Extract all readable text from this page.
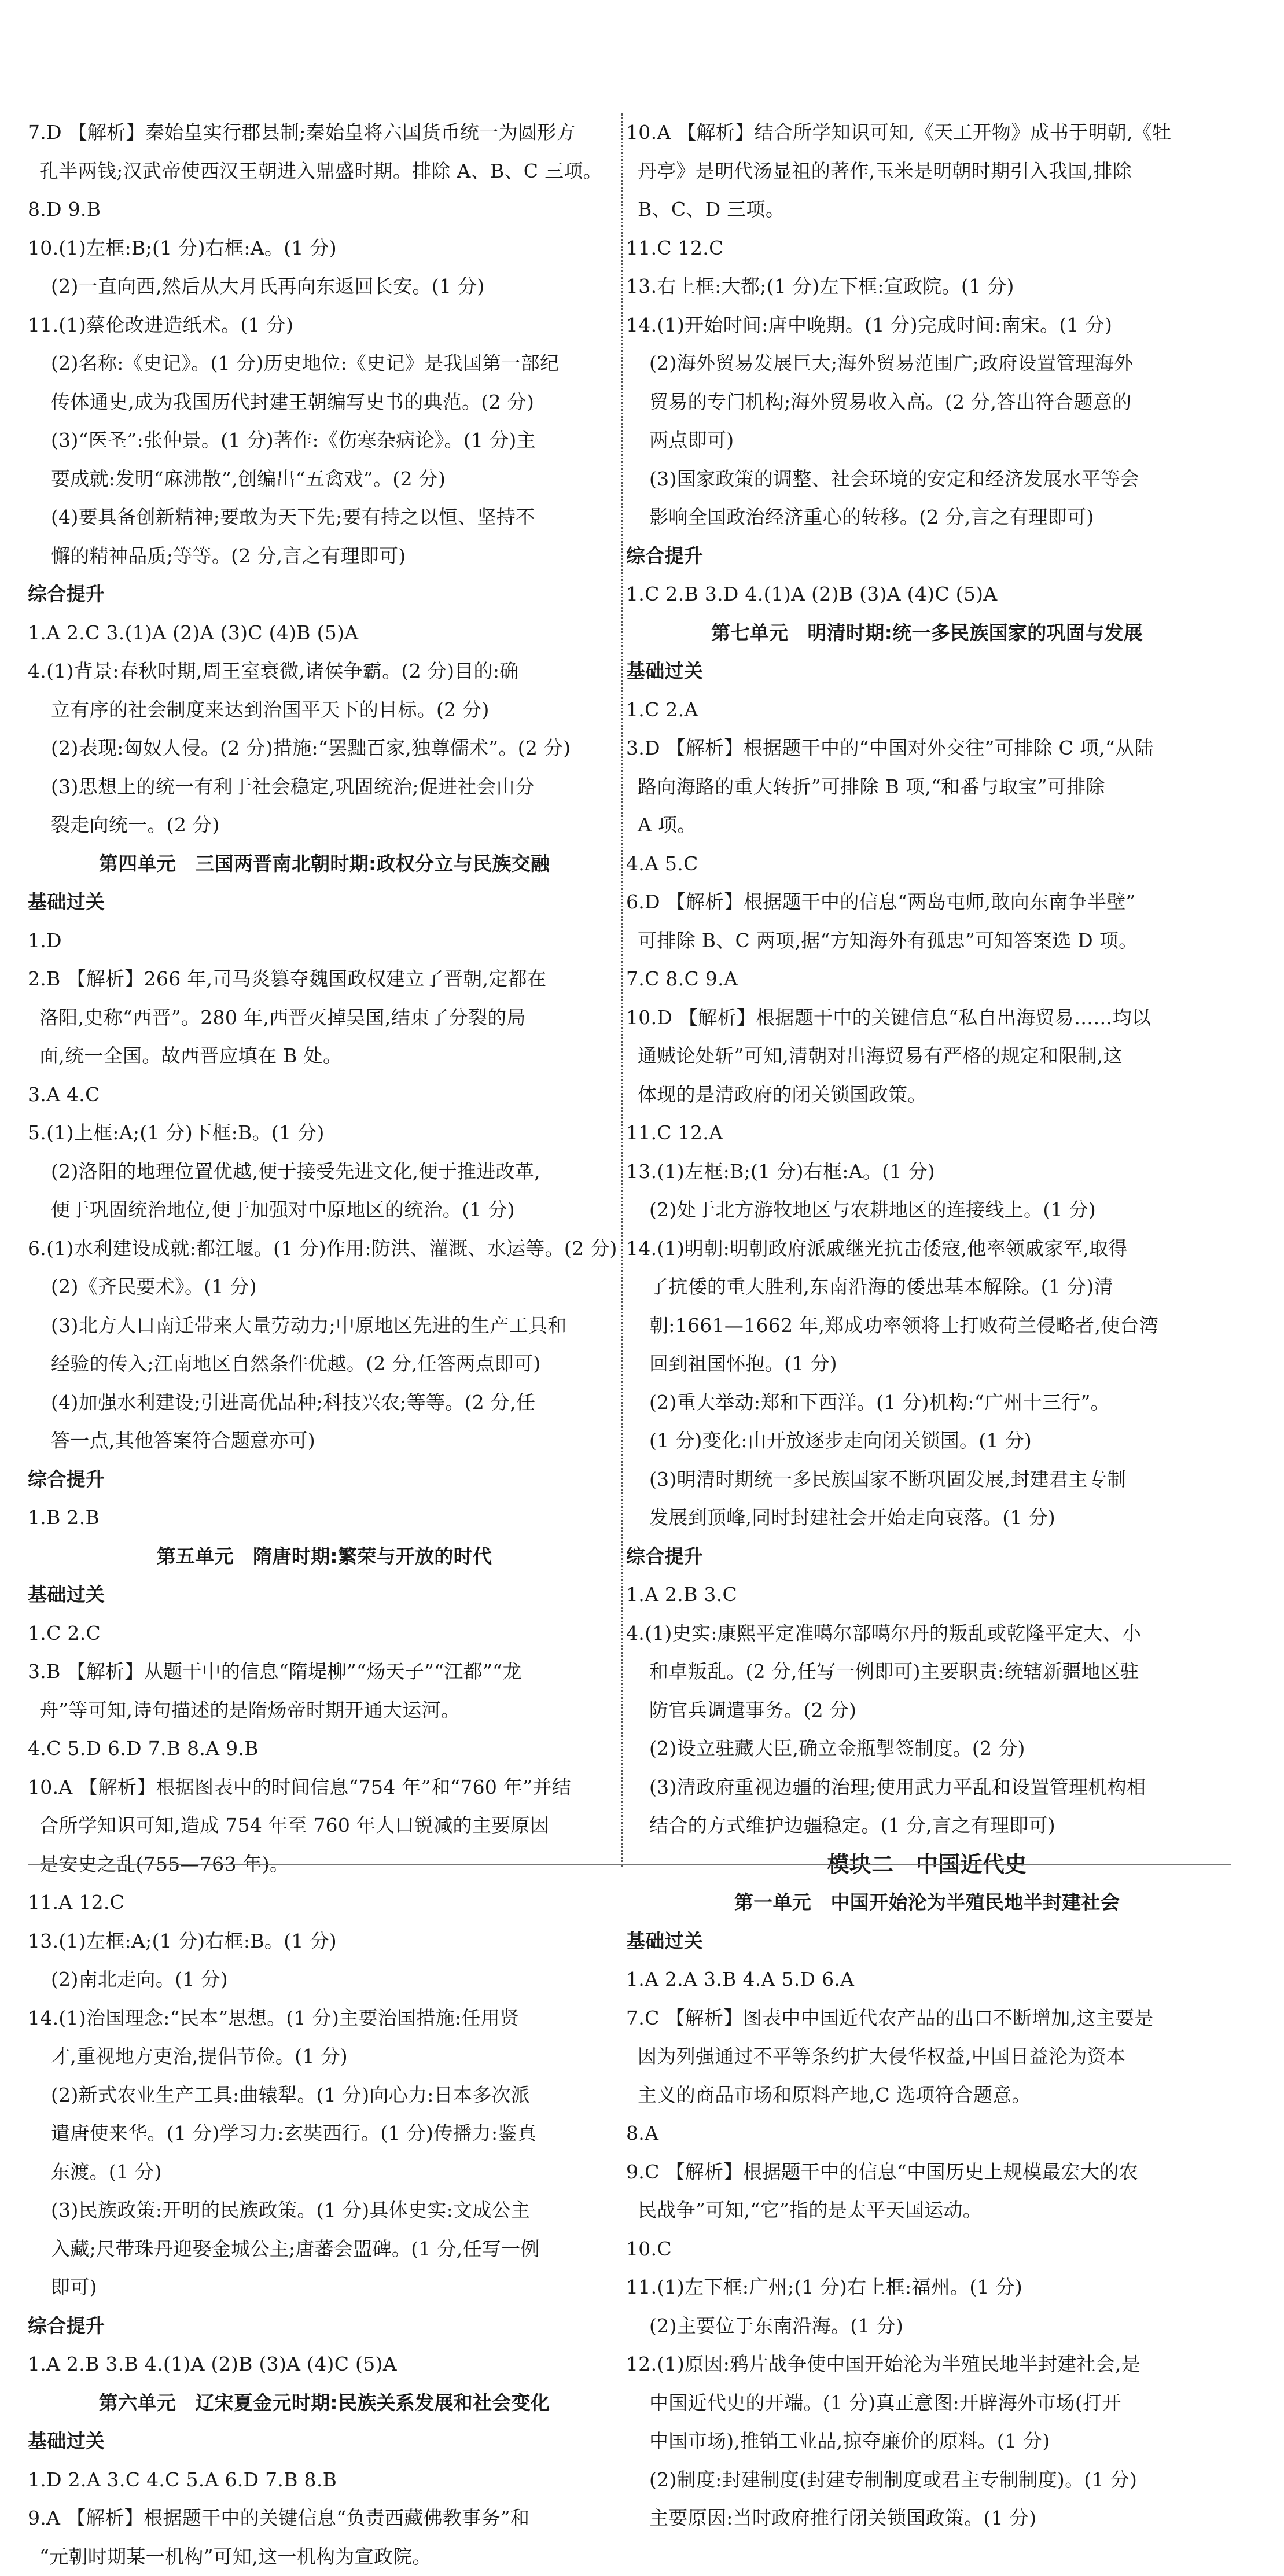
7.D 【解析】秦始皇实行郡县制;秦始皇将六国货币统一为圆形方
孔半两钱;汉武帝使西汉王朝进入鼎盛时期。排除 A、B、C 三项。
8.D 9.B
10.(1)左框:B;(1 分)右框:A。(1 分)
(2)一直向西,然后从大月氏再向东返回长安。(1 分)
11.(1)蔡伦改进造纸术。(1 分)
(2)名称:《史记》。(1 分)历史地位:《史记》是我国第一部纪
传体通史,成为我国历代封建王朝编写史书的典范。(2 分)
(3)“医圣”:张仲景。(1 分)著作:《伤寒杂病论》。(1 分)主
要成就:发明“麻沸散”,创编出“五禽戏”。(2 分)
(4)要具备创新精神;要敢为天下先;要有持之以恒、坚持不
懈的精神品质;等等。(2 分,言之有理即可)
综合提升
1.A 2.C 3.(1)A (2)A (3)C (4)B (5)A
4.(1)背景:春秋时期,周王室衰微,诸侯争霸。(2 分)目的:确
立有序的社会制度来达到治国平天下的目标。(2 分)
(2)表现:匈奴人侵。(2 分)措施:“罢黜百家,独尊儒术”。(2 分)
(3)思想上的统一有利于社会稳定,巩固统治;促进社会由分
裂走向统一。(2 分)
第四单元　三国两晋南北朝时期:政权分立与民族交融
基础过关
1.D
2.B 【解析】266 年,司马炎篡夺魏国政权建立了晋朝,定都在
洛阳,史称“西晋”。280 年,西晋灭掉吴国,结束了分裂的局
面,统一全国。故西晋应填在 B 处。
3.A 4.C
5.(1)上框:A;(1 分)下框:B。(1 分)
(2)洛阳的地理位置优越,便于接受先进文化,便于推进改革,
便于巩固统治地位,便于加强对中原地区的统治。(1 分)
6.(1)水利建设成就:都江堰。(1 分)作用:防洪、灌溉、水运等。(2 分)
(2)《齐民要术》。(1 分)
(3)北方人口南迁带来大量劳动力;中原地区先进的生产工具和
经验的传入;江南地区自然条件优越。(2 分,任答两点即可)
(4)加强水利建设;引进高优品种;科技兴农;等等。(2 分,任
答一点,其他答案符合题意亦可)
综合提升
1.B 2.B
第五单元　隋唐时期:繁荣与开放的时代
基础过关
1.C 2.C
3.B 【解析】从题干中的信息“隋堤柳”“炀天子”“江都”“龙
舟”等可知,诗句描述的是隋炀帝时期开通大运河。
4.C 5.D 6.D 7.B 8.A 9.B
10.A 【解析】根据图表中的时间信息“754 年”和“760 年”并结
合所学知识可知,造成 754 年至 760 年人口锐减的主要原因
是安史之乱(755—763 年)。
11.A 12.C
13.(1)左框:A;(1 分)右框:B。(1 分)
(2)南北走向。(1 分)
14.(1)治国理念:“民本”思想。(1 分)主要治国措施:任用贤
才,重视地方吏治,提倡节俭。(1 分)
(2)新式农业生产工具:曲辕犁。(1 分)向心力:日本多次派
遣唐使来华。(1 分)学习力:玄奘西行。(1 分)传播力:鉴真
东渡。(1 分)
(3)民族政策:开明的民族政策。(1 分)具体史实:文成公主
入藏;尺带珠丹迎娶金城公主;唐蕃会盟碑。(1 分,任写一例
即可)
综合提升
1.A 2.B 3.B 4.(1)A (2)B (3)A (4)C (5)A
第六单元　辽宋夏金元时期:民族关系发展和社会变化
基础过关
1.D 2.A 3.C 4.C 5.A 6.D 7.B 8.B
9.A 【解析】根据题干中的关键信息“负责西藏佛教事务”和
“元朝时期某一机构”可知,这一机构为宣政院。
10.A 【解析】结合所学知识可知,《天工开物》成书于明朝,《牡
丹亭》是明代汤显祖的著作,玉米是明朝时期引入我国,排除
B、C、D 三项。
11.C 12.C
13.右上框:大都;(1 分)左下框:宣政院。(1 分)
14.(1)开始时间:唐中晚期。(1 分)完成时间:南宋。(1 分)
(2)海外贸易发展巨大;海外贸易范围广;政府设置管理海外
贸易的专门机构;海外贸易收入高。(2 分,答出符合题意的
两点即可)
(3)国家政策的调整、社会环境的安定和经济发展水平等会
影响全国政治经济重心的转移。(2 分,言之有理即可)
综合提升
1.C 2.B 3.D 4.(1)A (2)B (3)A (4)C (5)A
第七单元　明清时期:统一多民族国家的巩固与发展
基础过关
1.C 2.A
3.D 【解析】根据题干中的“中国对外交往”可排除 C 项,“从陆
路向海路的重大转折”可排除 B 项,“和番与取宝”可排除
A 项。
4.A 5.C
6.D 【解析】根据题干中的信息“两岛屯师,敢向东南争半壁”
可排除 B、C 两项,据“方知海外有孤忠”可知答案选 D 项。
7.C 8.C 9.A
10.D 【解析】根据题干中的关键信息“私自出海贸易……均以
通贼论处斩”可知,清朝对出海贸易有严格的规定和限制,这
体现的是清政府的闭关锁国政策。
11.C 12.A
13.(1)左框:B;(1 分)右框:A。(1 分)
(2)处于北方游牧地区与农耕地区的连接线上。(1 分)
14.(1)明朝:明朝政府派戚继光抗击倭寇,他率领戚家军,取得
了抗倭的重大胜利,东南沿海的倭患基本解除。(1 分)清
朝:1661—1662 年,郑成功率领将士打败荷兰侵略者,使台湾
回到祖国怀抱。(1 分)
(2)重大举动:郑和下西洋。(1 分)机构:“广州十三行”。
(1 分)变化:由开放逐步走向闭关锁国。(1 分)
(3)明清时期统一多民族国家不断巩固发展,封建君主专制
发展到顶峰,同时封建社会开始走向衰落。(1 分)
综合提升
1.A 2.B 3.C
4.(1)史实:康熙平定准噶尔部噶尔丹的叛乱或乾隆平定大、小
和卓叛乱。(2 分,任写一例即可)主要职责:统辖新疆地区驻
防官兵调遣事务。(2 分)
(2)设立驻藏大臣,确立金瓶掣签制度。(2 分)
(3)清政府重视边疆的治理;使用武力平乱和设置管理机构相
结合的方式维护边疆稳定。(1 分,言之有理即可)
模块二　中国近代史
第一单元　中国开始沦为半殖民地半封建社会
基础过关
1.A 2.A 3.B 4.A 5.D 6.A
7.C 【解析】图表中中国近代农产品的出口不断增加,这主要是
因为列强通过不平等条约扩大侵华权益,中国日益沦为资本
主义的商品市场和原料产地,C 选项符合题意。
8.A
9.C 【解析】根据题干中的信息“中国历史上规模最宏大的农
民战争”可知,“它”指的是太平天国运动。
10.C
11.(1)左下框:广州;(1 分)右上框:福州。(1 分)
(2)主要位于东南沿海。(1 分)
12.(1)原因:鸦片战争使中国开始沦为半殖民地半封建社会,是
中国近代史的开端。(1 分)真正意图:开辟海外市场(打开
中国市场),推销工业品,掠夺廉价的原料。(1 分)
(2)制度:封建制度(封建专制制度或君主专制制度)。(1 分)
主要原因:当时政府推行闭关锁国政策。(1 分)
